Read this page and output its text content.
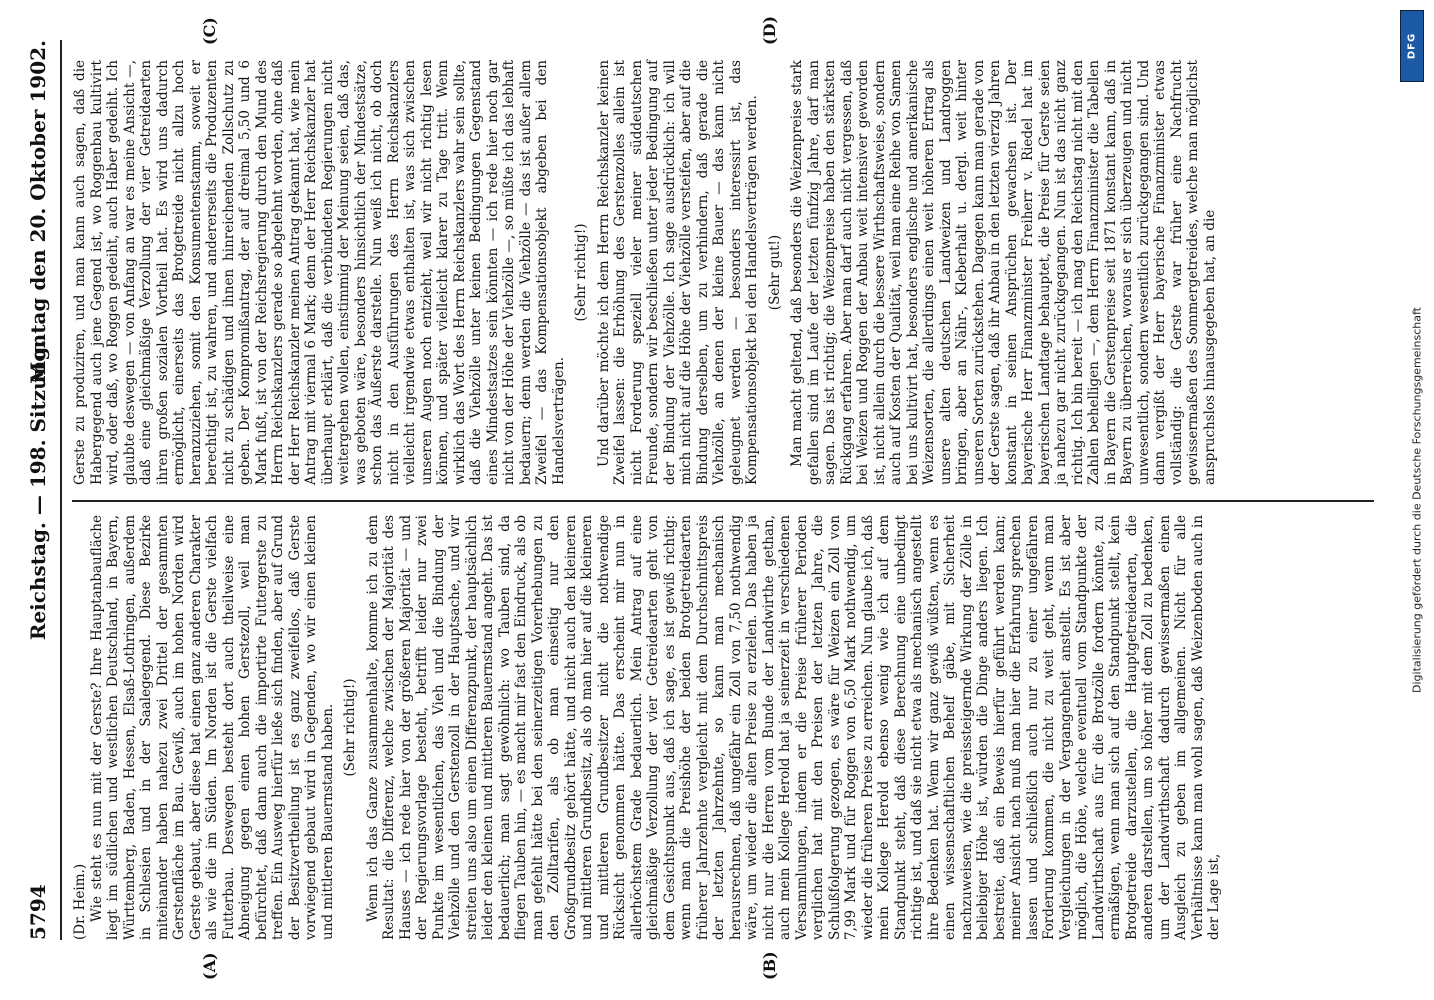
5794
Reichstag. — 198. Sitzung.
Montag den 20. Oktober 1902.
(A)	(B)
(C)	(D)

(Dr. Heim.) Wie steht es nun mit der Gerste? Ihre Hauptanbaufläche liegt im südlichen und westlichen Deutschland, in Bayern, Württemberg, Baden, Hessen, Elsaß-Lothringen, außerdem in Schlesien und in der Saalegegend. Diese Bezirke miteinander haben nahezu zwei Drittel der gesammten Gerstenfläche im Bau. Gewiß, auch im hohen Norden wird Gerste gebaut, aber diese hat einen ganz anderen Charakter als wie die im Süden. Im Norden ist die Gerste vielfach Futterbau. Deswegen besteht dort auch theilweise eine Abneigung gegen einen hohen Gerstezoll, weil man befürchtet, daß dann auch die importirte Futtergerste zu treffen. Ein Ausweg hierfür ließe sich finden, aber auf Grund der Besitzvertheilung ist es ganz zweifellos, daß Gerste vorwiegend gebaut wird in Gegenden, wo wir einen kleinen und mittleren Bauernstand haben. (Sehr richtig!) Wenn ich das Ganze zusammenhalte, komme ich zu dem Resultat: die Differenz, welche zwischen der Majorität des Hauses — ich rede hier von der größeren Majorität — und der Regierungsvorlage besteht, betrifft leider nur zwei Punkte im wesentlichen, das Vieh und die Bindung der Viehzölle und den Gerstenzoll in der Hauptsache, und wir streiten uns also um einen Differenzpunkt, der hauptsächlich leider den kleinen und mittleren Bauernstand angeht. Das ist bedauerlich; man sagt gewöhnlich: wo Tauben sind, da fliegen Tauben hin, — es macht mir fast den Eindruck, als ob man gefehlt hätte bei den seinerzeitigen Vorerhebungen zu den Zolltarifen, als ob man einseitig nur den Großgrundbesitz gehört hätte, und nicht auch den kleineren und mittleren Grundbesitz, als ob man hier auf die kleineren und mittleren Grundbesitzer nicht die nothwendige Rücksicht genommen hätte. Das erscheint mir nun in allerhöchstem Grade bedauerlich. Mein Antrag auf eine gleichmäßige Verzollung der vier Getreidearten geht von dem Gesichtspunkt aus, daß ich sage, es ist gewiß richtig: wenn man die Preishöhe der beiden Brotgetreidearten früherer Jahrzehnte vergleicht mit dem Durchschnittspreis der letzten Jahrzehnte, so kann man mechanisch herausrechnen, daß ungefähr ein Zoll von 7,50 nothwendig wäre, um wieder die alten Preise zu erzielen. Das haben ja nicht nur die Herren vom Bunde der Landwirthe gethan, auch mein Kollege Herold hat ja seinerzeit in verschiedenen Versammlungen, indem er die Preise früherer Perioden verglichen hat mit den Preisen der letzten Jahre, die Schlußfolgerung gezogen, es wäre für Weizen ein Zoll von 7,99 Mark und für Roggen von 6,50 Mark nothwendig, um wieder die früheren Preise zu erreichen. Nun glaube ich, daß mein Kollege Herold ebenso wenig wie ich auf dem Standpunkt steht, daß diese Berechnung eine unbedingt richtige ist, und daß sie nicht etwa als mechanisch angestellt ihre Bedenken hat. Wenn wir ganz gewiß wüßten, wenn es einen wissenschaftlichen Behelf gäbe, mit Sicherheit nachzuweisen, wie die preissteigernde Wirkung der Zölle in beliebiger Höhe ist, würden die Dinge anders liegen. Ich bestreite, daß ein Beweis hierfür geführt werden kann; meiner Ansicht nach muß man hier die Erfahrung sprechen lassen und schließlich auch nur zu einer ungefähren Forderung kommen, die nicht zu weit geht, wenn man Vergleichungen in der Vergangenheit anstellt. Es ist aber möglich, die Höhe, welche eventuell vom Standpunkte der Landwirthschaft aus für die Brotzölle fordern könnte, zu ermäßigen, wenn man sich auf den Standpunkt stellt, kein Brotgetreide darzustellen, die Hauptgetreidearten, die anderen darstellen, um so höher mit dem Zoll zu bedenken, um der Landwirthschaft dadurch gewissermaßen einen Ausgleich zu geben im allgemeinen. Nicht für alle Verhältnisse kann man wohl sagen, daß Weizenboden auch in der Lage ist,

Gerste zu produziren, und man kann auch sagen, daß die Habergegend auch jene Gegend ist, wo Roggenbau kultivirt wird, oder daß, wo Roggen gedeiht, auch Haber gedeiht. Ich glaubte deswegen — von Anfang an war es meine Ansicht —, daß eine gleichmäßige Verzollung der vier Getreidearten ihren großen sozialen Vortheil hat. Es wird uns dadurch ermöglicht, einerseits das Brotgetreide nicht allzu hoch heranzuziehen, somit den Konsumentenstamm, soweit er berechtigt ist, zu wahren, und andererseits die Produzenten nicht zu schädigen und ihnen hinreichenden Zollschutz zu geben. Der Kompromißantrag, der auf dreimal 5,50 und 6 Mark fußt, ist von der Reichsregierung durch den Mund des Herrn Reichskanzlers gerade so abgelehnt worden, ohne daß der Herr Reichskanzler meinen Antrag gekannt hat, wie mein Antrag mit viermal 6 Mark; denn der Herr Reichskanzler hat überhaupt erklärt, daß die verbündeten Regierungen nicht weitergehen wollen, einstimmig der Meinung seien, daß das, was geboten wäre, besonders hinsichtlich der Mindestsätze, schon das Äußerste darstelle. Nun weiß ich nicht, ob doch nicht in den Ausführungen des Herrn Reichskanzlers vielleicht irgendwie etwas enthalten ist, was sich zwischen unseren Augen noch entzieht, weil wir nicht richtig lesen können, und später vielleicht klarer zu Tage tritt. Wenn wirklich das Wort des Herrn Reichskanzlers wahr sein sollte, daß die Viehzölle unter keinen Bedingungen Gegenstand eines Mindestsatzes sein könnten — ich rede hier noch gar nicht von der Höhe der Viehzölle —, so müßte ich das lebhaft bedauern; denn werden die Viehzölle — das ist außer allem Zweifel — das Kompensationsobjekt abgeben bei den Handelsverträgen.

(Sehr richtig!) Und darüber möchte ich dem Herrn Reichskanzler keinen Zweifel lassen: die Erhöhung des Gerstenzolles allein ist nicht Forderung speziell vieler meiner süddeutschen Freunde, sondern wir beschließen unter jeder Bedingung auf der Bindung der Viehzölle. Ich sage ausdrücklich: ich will mich nicht auf die Höhe der Viehzölle versteifen, aber auf die Bindung derselben, um zu verhindern, daß gerade die Viehzölle, an denen der kleine Bauer — das kann nicht geleugnet werden — besonders interessirt ist, das Kompensationsobjekt bei den Handelsverträgen werden. (Sehr gut!) Man macht geltend, daß besonders die Weizenpreise stark gefallen sind im Laufe der letzten fünfzig Jahre, darf man sagen. Das ist richtig; die Weizenpreise haben den stärksten Rückgang erfahren. Aber man darf auch nicht vergessen, daß bei Weizen und Roggen der Anbau weit intensiver geworden ist, nicht allein durch die bessere Wirthschaftsweise, sondern auch auf Kosten der Qualität, weil man eine Reihe von Samen bei uns kultivirt hat, besonders englische und amerikanische Weizensorten, die allerdings einen weit höheren Ertrag als unsere alten deutschen Landweizen und Landroggen bringen, aber an Nähr-, Kleberhalt u. dergl. weit hinter unseren Sorten zurückstehen. Dagegen kann man gerade von der Gerste sagen, daß ihr Anbau in den letzten vierzig Jahren konstant in seinen Ansprüchen gewachsen ist. Der bayerische Herr Finanzminister Freiherr v. Riedel hat im bayerischen Landtage behauptet, die Preise für Gerste seien ja nahezu gar nicht zurückgegangen. Nun ist das nicht ganz richtig. Ich bin bereit — ich mag den Reichstag nicht mit den Zahlen behelligen —, dem Herrn Finanzminister die Tabellen in Bayern die Gerstenpreise seit 1871 konstant kann, daß in Bayern zu überreichen, woraus er sich überzeugen und nicht unwesentlich, sondern wesentlich zurückgegangen sind. Und dann vergißt der Herr bayerische Finanzminister etwas vollständig: die Gerste war früher eine Nachfrucht gewissermaßen des Sommergetreides, welche man möglichst anspruchslos hinausgegeben hat, an die

DFG
Digitalisierung gefördert durch die Deutsche Forschungsgemeinschaft
